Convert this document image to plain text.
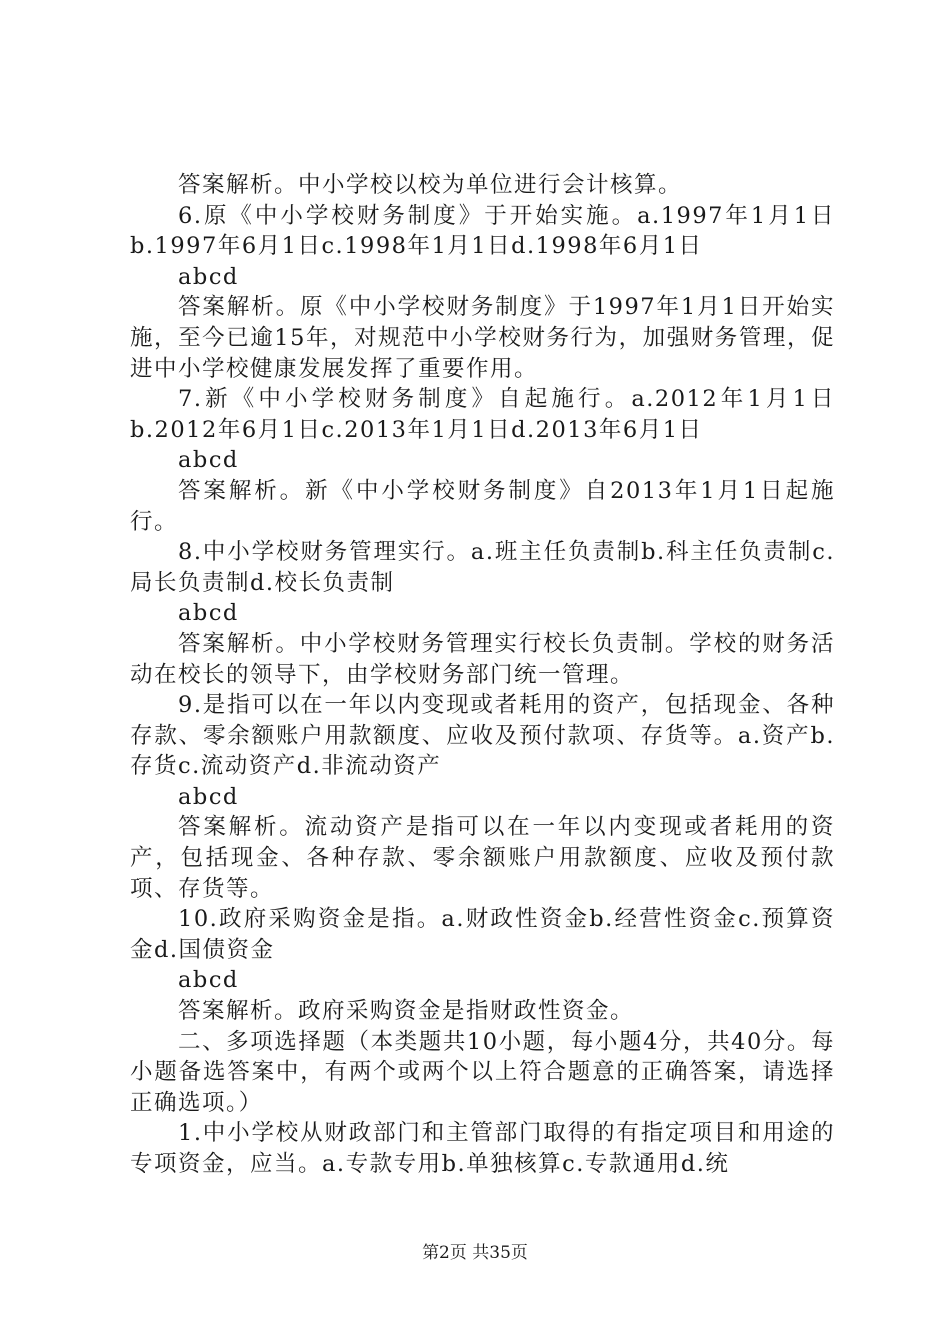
答案解析。中小学校以校为单位进行会计核算。

6.原《中小学校财务制度》于开始实施。a.1997年1月1日b.1997年6月1日c.1998年1月1日d.1998年6月1日

abcd

答案解析。原《中小学校财务制度》于1997年1月1日开始实施，至今已逾15年，对规范中小学校财务行为，加强财务管理，促进中小学校健康发展发挥了重要作用。

7.新《中小学校财务制度》自起施行。a.2012年1月1日b.2012年6月1日c.2013年1月1日d.2013年6月1日

abcd

答案解析。新《中小学校财务制度》自2013年1月1日起施行。

8.中小学校财务管理实行。a.班主任负责制b.科主任负责制c.局长负责制d.校长负责制

abcd

答案解析。中小学校财务管理实行校长负责制。学校的财务活动在校长的领导下，由学校财务部门统一管理。

9.是指可以在一年以内变现或者耗用的资产，包括现金、各种存款、零余额账户用款额度、应收及预付款项、存货等。a.资产b.存货c.流动资产d.非流动资产

abcd

答案解析。流动资产是指可以在一年以内变现或者耗用的资产，包括现金、各种存款、零余额账户用款额度、应收及预付款项、存货等。

10.政府采购资金是指。a.财政性资金b.经营性资金c.预算资金d.国债资金

abcd

答案解析。政府采购资金是指财政性资金。

二、多项选择题（本类题共10小题，每小题4分，共40分。每小题备选答案中，有两个或两个以上符合题意的正确答案，请选择正确选项。）

1.中小学校从财政部门和主管部门取得的有指定项目和用途的专项资金，应当。a.专款专用b.单独核算c.专款通用d.统

第2页 共35页
